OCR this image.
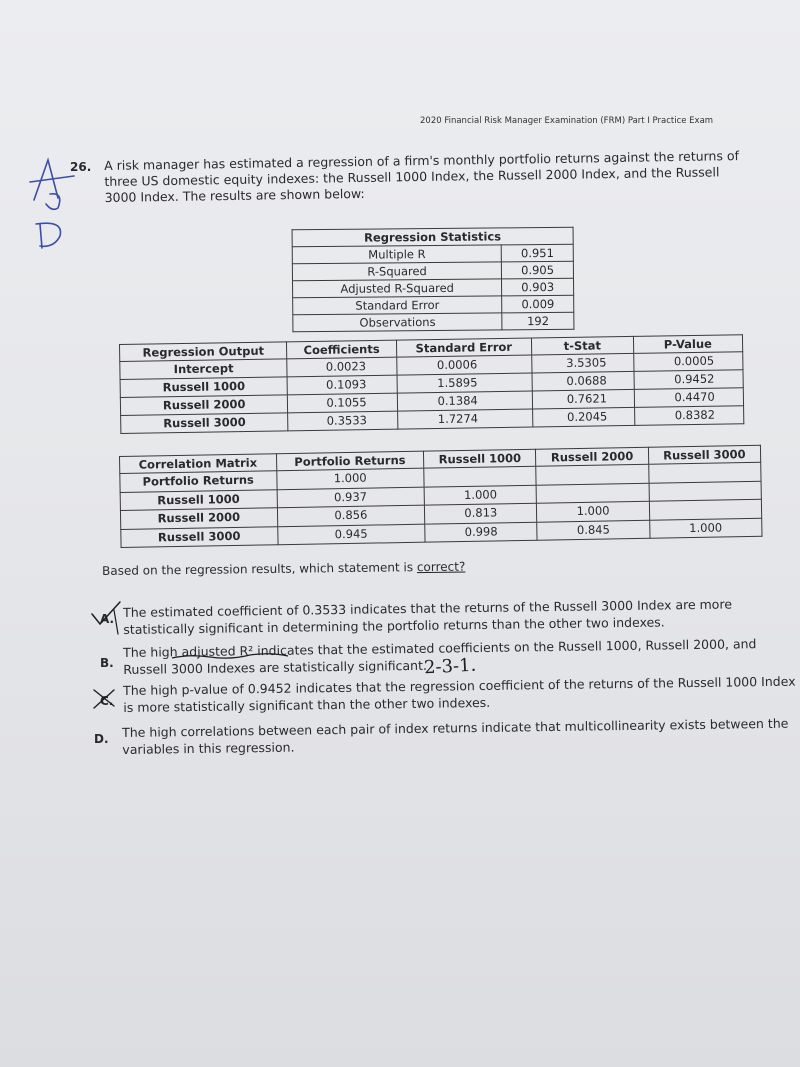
2020 Financial Risk Manager Examination (FRM) Part I Practice Exam
26. A risk manager has estimated a regression of a firm's monthly portfolio returns against the returns of three US domestic equity indexes: the Russell 1000 Index, the Russell 2000 Index, and the Russell 3000 Index. The results are shown below:

Regression Statistics	
Multiple R	0.951
R-Squared	0.905
Adjusted R-Squared	0.903
Standard Error	0.009
Observations	192
Regression Output	Coefficients	Standard Error	t-Stat	P-Value
Intercept	0.0023	0.0006	3.5305	0.0005
Russell 1000	0.1093	1.5895	0.0688	0.9452
Russell 2000	0.1055	0.1384	0.7621	0.4470
Russell 3000	0.3533	1.7274	0.2045	0.8382
Correlation Matrix	Portfolio Returns	Russell 1000	Russell 2000	Russell 3000
Portfolio Returns	1.000			
Russell 1000	0.937	1.000		
Russell 2000	0.856	0.813	1.000	
Russell 3000	0.945	0.998	0.845	1.000
Based on the regression results, which statement is correct?
A. The estimated coefficient of 0.3533 indicates that the returns of the Russell 3000 Index are more statistically significant in determining the portfolio returns than the other two indexes.
B.
The high adjusted R² indicates that the estimated coefficients on the Russell 1000, Russell 2000, and Russell 3000 Indexes are statistically significant.
C.
The high p-value of 0.9452 indicates that the regression coefficient of the returns of the Russell 1000 Index is more statistically significant than the other two indexes.
D. The high correlations between each pair of index returns indicate that multicollinearity exists between the variables in this regression.
2-3-1.
